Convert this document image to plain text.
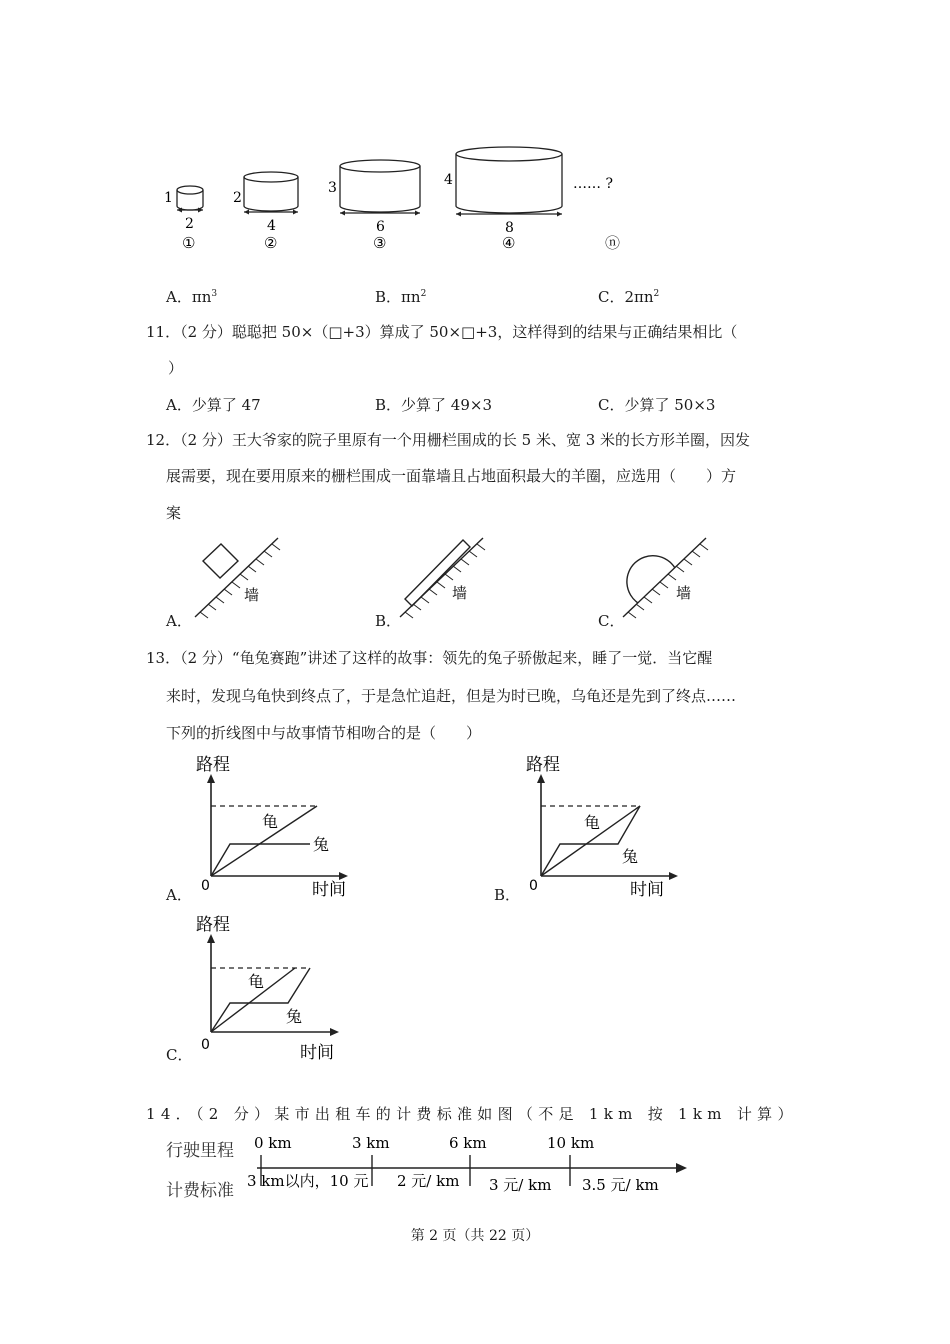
1	2
3	4
2	4	6	8
①	②	③	④
…… ?
ⓝ
A．$\pi n^3$	B．$\pi n^2$	C．$2\pi n^2$
11．（2 分）聪聪把 50×（□+3）算成了 50×□+3，这样得到的结果与正确结果相比（
）
A．少算了 47	B．少算了 49×3	C．少算了 50×3
12．（2 分）王大爷家的院子里原有一个用栅栏围成的长 5 米、宽 3 米的长方形羊圈，因发
展需要，现在要用原来的栅栏围成一面靠墙且占地面积最大的羊圈，应选用（　　）方
案
墙
A．
墙
B．
墙
C．
13．（2 分）“龟兔赛跑”讲述了这样的故事：领先的兔子骄傲起来，睡了一觉．当它醒
来时，发现乌龟快到终点了，于是急忙追赶，但是为时已晚，乌龟还是先到了终点……
下列的折线图中与故事情节相吻合的是（　　）
路程
时间
0
龟
兔
A．
路程
时间
0
龟
兔
B．
路程
时间
0
龟
兔
C．
14．（2 分）某市出租车的计费标准如图（不足 1km 按 1km 计算）
行驶里程
计费标准
0 km	3 km	6 km	10 km
3 km以内，10 元 2 元/ km 3 元/ km 3.5 元/ km
第 2 页（共 22 页）
